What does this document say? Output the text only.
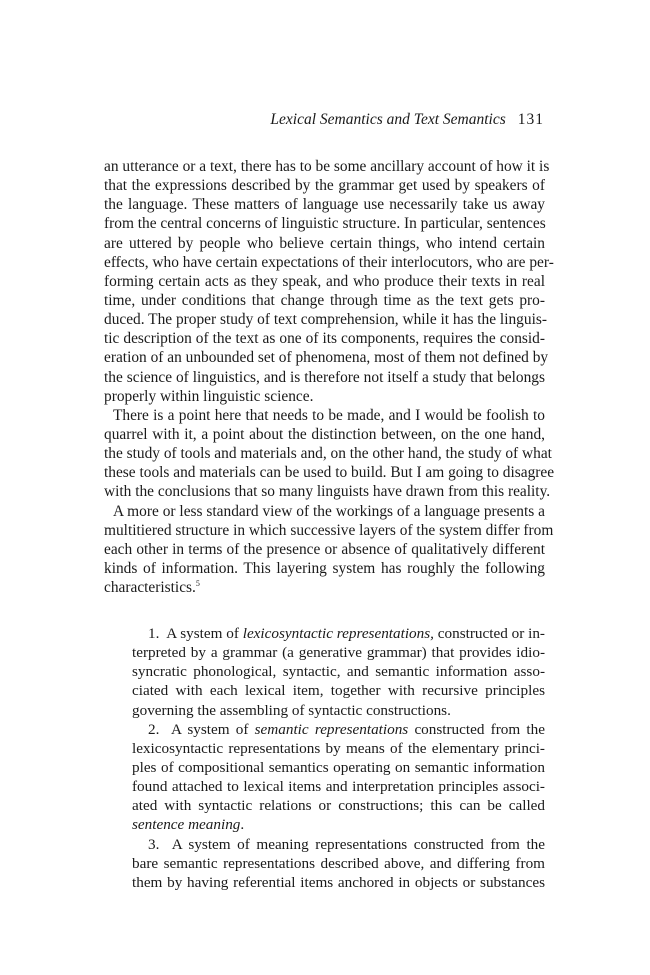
Lexical Semantics and Text Semantics 131
an utterance or a text, there has to be some ancillary account of how it is
that the expressions described by the grammar get used by speakers of
the language. These matters of language use necessarily take us away
from the central concerns of linguistic structure. In particular, sentences
are uttered by people who believe certain things, who intend certain
effects, who have certain expectations of their interlocutors, who are per-
forming certain acts as they speak, and who produce their texts in real
time, under conditions that change through time as the text gets pro-
duced. The proper study of text comprehension, while it has the linguis-
tic description of the text as one of its components, requires the consid-
eration of an unbounded set of phenomena, most of them not defined by
the science of linguistics, and is therefore not itself a study that belongs
properly within linguistic science.
There is a point here that needs to be made, and I would be foolish to
quarrel with it, a point about the distinction between, on the one hand,
the study of tools and materials and, on the other hand, the study of what
these tools and materials can be used to build. But I am going to disagree
with the conclusions that so many linguists have drawn from this reality.
A more or less standard view of the workings of a language presents a
multitiered structure in which successive layers of the system differ from
each other in terms of the presence or absence of qualitatively different
kinds of information. This layering system has roughly the following
characteristics.$^5$
1. A system of lexicosyntactic representations, constructed or in-
terpreted by a grammar (a generative grammar) that provides idio-
syncratic phonological, syntactic, and semantic information asso-
ciated with each lexical item, together with recursive principles
governing the assembling of syntactic constructions.
2. A system of semantic representations constructed from the
lexicosyntactic representations by means of the elementary princi-
ples of compositional semantics operating on semantic information
found attached to lexical items and interpretation principles associ-
ated with syntactic relations or constructions; this can be called
sentence meaning.
3. A system of meaning representations constructed from the
bare semantic representations described above, and differing from
them by having referential items anchored in objects or substances
